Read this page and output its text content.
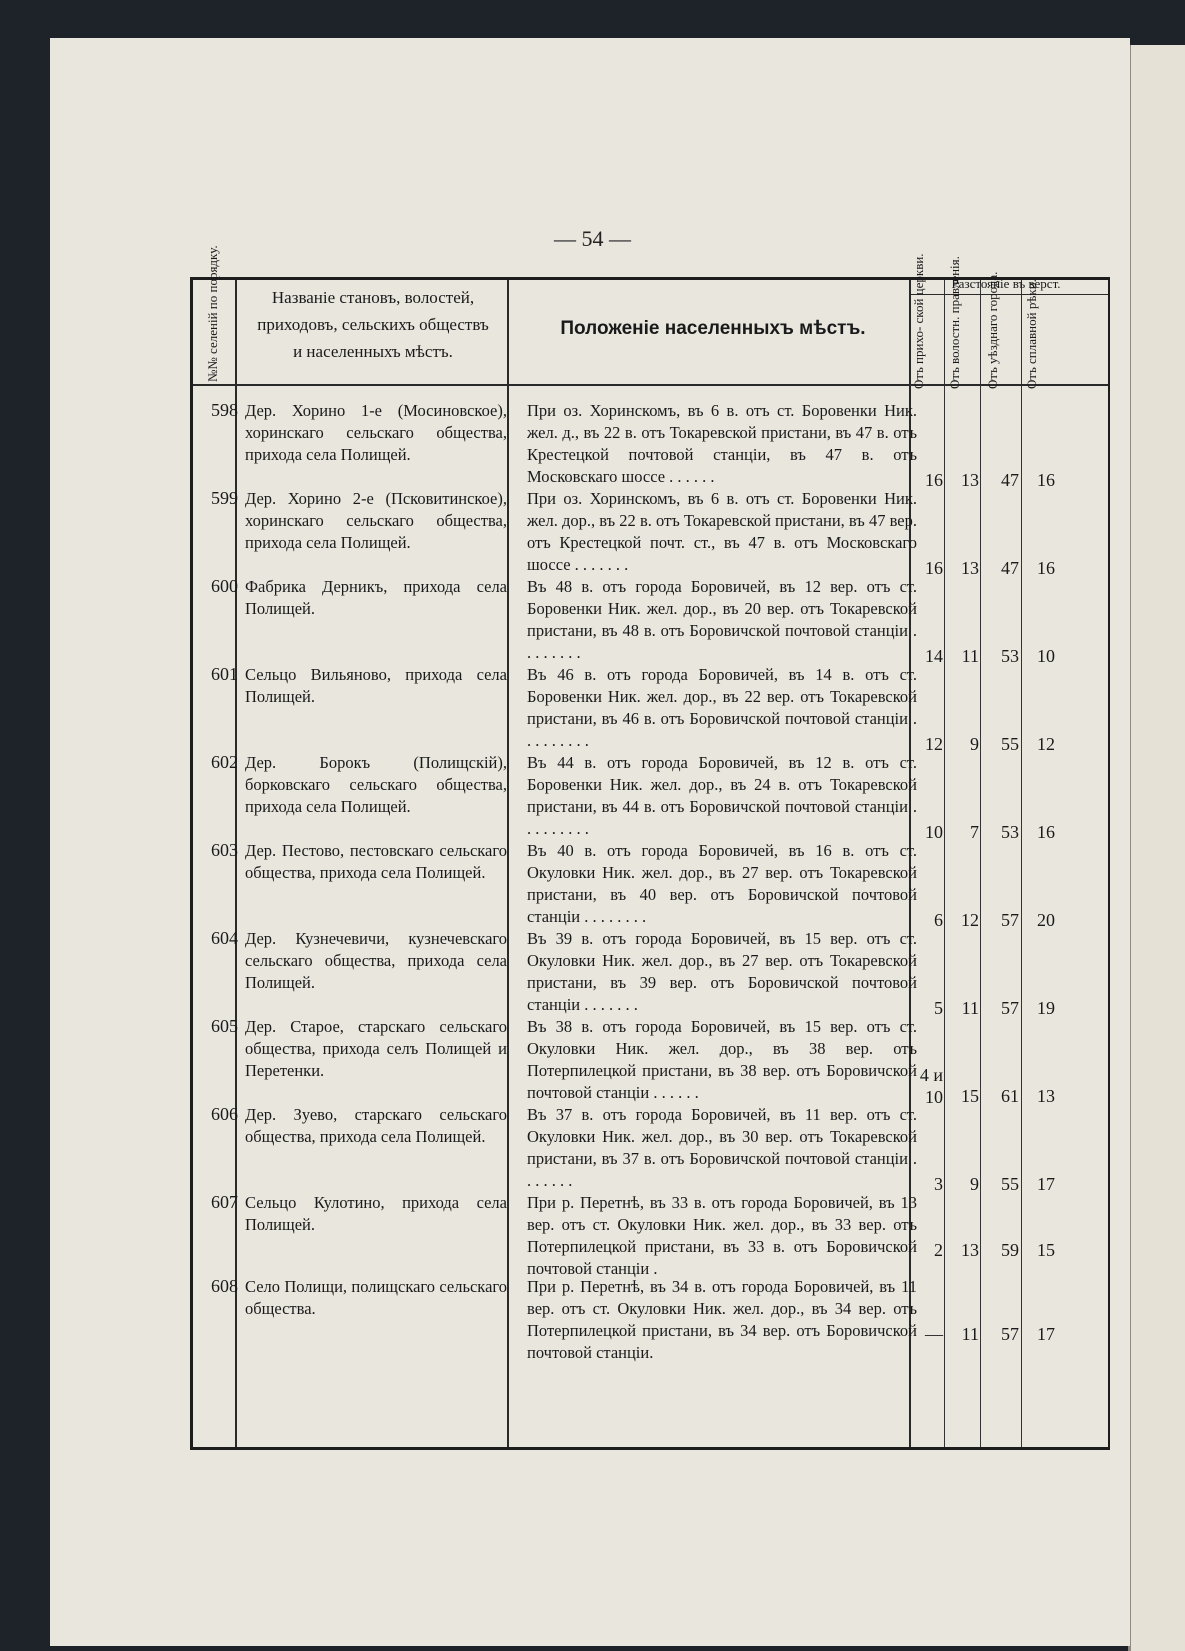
— 54 —
№№ селеній по порядку.	Названіе становъ, волостей, приходовъ, сельскихъ обществъ и населенныхъ мѣстъ.
Положеніе населенныхъ мѣстъ.
Разстояніе въ верст.
Отъ прихо- ской церкви.	Отъ волостн. правленія.	Отъ уѣзднаго города.	Отъ сплавной рѣки.
598 Дер. Хорино 1-е (Мосиновское), хоринскаго сельскаго общества, прихода села Полищей.
При оз. Хоринскомъ, въ 6 в. отъ ст. Боровенки Ник. жел. д., въ 22 в. отъ Токаревской пристани, въ 47 в. отъ Крестецкой почтовой станціи, въ 47 в. отъ Московскаго шоссе . . . . . .	16	13	47	16
599 Дер. Хорино 2-е (Псковитинское), хоринскаго сельскаго общества, прихода села Полищей.
При оз. Хоринскомъ, въ 6 в. отъ ст. Боровенки Ник. жел. дор., въ 22 в. отъ Токаревской пристани, въ 47 вер. отъ Крестецкой почт. ст., въ 47 в. отъ Московскаго шоссе . . . . . . .	16	13	47	16
600 Фабрика Дерникъ, прихода села Полищей.
Въ 48 в. отъ города Боровичей, въ 12 вер. отъ ст. Боровенки Ник. жел. дор., въ 20 вер. отъ Токаревской пристани, въ 48 в. отъ Боровичской почтовой станціи . . . . . . . .	14	11	53	10
601 Сельцо Вильяново, прихода села Полищей.
Въ 46 в. отъ города Боровичей, въ 14 в. отъ ст. Боровенки Ник. жел. дор., въ 22 вер. отъ Токаревской пристани, въ 46 в. отъ Боровичской почтовой станціи . . . . . . . . .	12	9	55	12
602 Дер. Борокъ (Полищскій), борковскаго сельскаго общества, прихода села Полищей.
Въ 44 в. отъ города Боровичей, въ 12 в. отъ ст. Боровенки Ник. жел. дор., въ 24 в. отъ Токаревской пристани, въ 44 в. отъ Боровичской почтовой станціи . . . . . . . . .	10	7	53	16
603 Дер. Пестово, пестовскаго сельскаго общества, прихода села Полищей.
Въ 40 в. отъ города Боровичей, въ 16 в. отъ ст. Окуловки Ник. жел. дор., въ 27 вер. отъ Токаревской пристани, въ 40 вер. отъ Боровичской почтовой станціи . . . . . . . .	6	12	57	20
604 Дер. Кузнечевичи, кузнечевскаго сельскаго общества, прихода села Полищей.
Въ 39 в. отъ города Боровичей, въ 15 вер. отъ ст. Окуловки Ник. жел. дор., въ 27 вер. отъ Токаревской пристани, въ 39 вер. отъ Боровичской почтовой станціи . . . . . . .	5	11	57	19
605 Дер. Старое, старскаго сельскаго общества, прихода селъ Полищей и Перетенки.
Въ 38 в. отъ города Боровичей, въ 15 вер. отъ ст. Окуловки Ник. жел. дор., въ 38 вер. отъ Потерпилецкой пристани, въ 38 вер. отъ Боровичской почтовой станціи . . . . . .
4 и 10	15	61	13
606 Дер. Зуево, старскаго сельскаго общества, прихода села Полищей.
Въ 37 в. отъ города Боровичей, въ 11 вер. отъ ст. Окуловки Ник. жел. дор., въ 30 вер. отъ Токаревской пристани, въ 37 в. отъ Боровичской почтовой станціи . . . . . . .	3	9	55	17
607 Сельцо Кулотино, прихода села Полищей.
При р. Перетнѣ, въ 33 в. отъ города Боровичей, въ 13 вер. отъ ст. Окуловки Ник. жел. дор., въ 33 вер. отъ Потерпилецкой пристани, въ 33 в. отъ Боровичской почтовой станціи .
2	13	59	15
608 Село Полищи, полищскаго сельскаго общества.
При р. Перетнѣ, въ 34 в. отъ города Боровичей, въ 11 вер. отъ ст. Окуловки Ник. жел. дор., въ 34 вер. отъ Потерпилецкой пристани, въ 34 вер. отъ Боровичской почтовой станціи.
—	11	57	17
